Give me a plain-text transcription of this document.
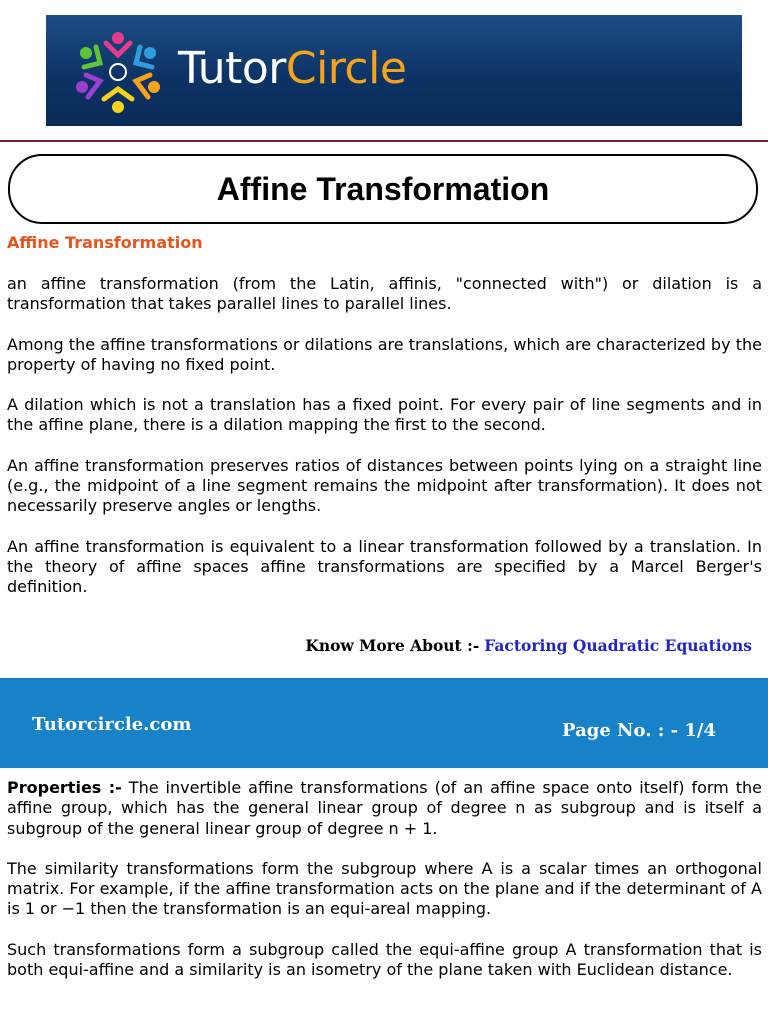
TutorCircle
Affine Transformation
Affine Transformation

an affine transformation (from the Latin, affinis, "connected with") or dilation is a transformation that takes parallel lines to parallel lines.

Among the affine transformations or dilations are translations, which are characterized by the property of having no fixed point.

A dilation which is not a translation has a fixed point. For every pair of line segments and in the affine plane, there is a dilation mapping the first to the second.

An affine transformation preserves ratios of distances between points lying on a straight line (e.g., the midpoint of a line segment remains the midpoint after transformation). It does not necessarily preserve angles or lengths.

An affine transformation is equivalent to a linear transformation followed by a translation. In the theory of affine spaces affine transformations are specified by a Marcel Berger's definition.

Know More About :- Factoring Quadratic Equations
Tutorcircle.com	Page No. : - 1/4

Properties :- The invertible affine transformations (of an affine space onto itself) form the affine group, which has the general linear group of degree n as subgroup and is itself a subgroup of the general linear group of degree n + 1.

The similarity transformations form the subgroup where A is a scalar times an orthogonal matrix. For example, if the affine transformation acts on the plane and if the determinant of A is 1 or −1 then the transformation is an equi-areal mapping.

Such transformations form a subgroup called the equi-affine group A transformation that is both equi-affine and a similarity is an isometry of the plane taken with Euclidean distance.
